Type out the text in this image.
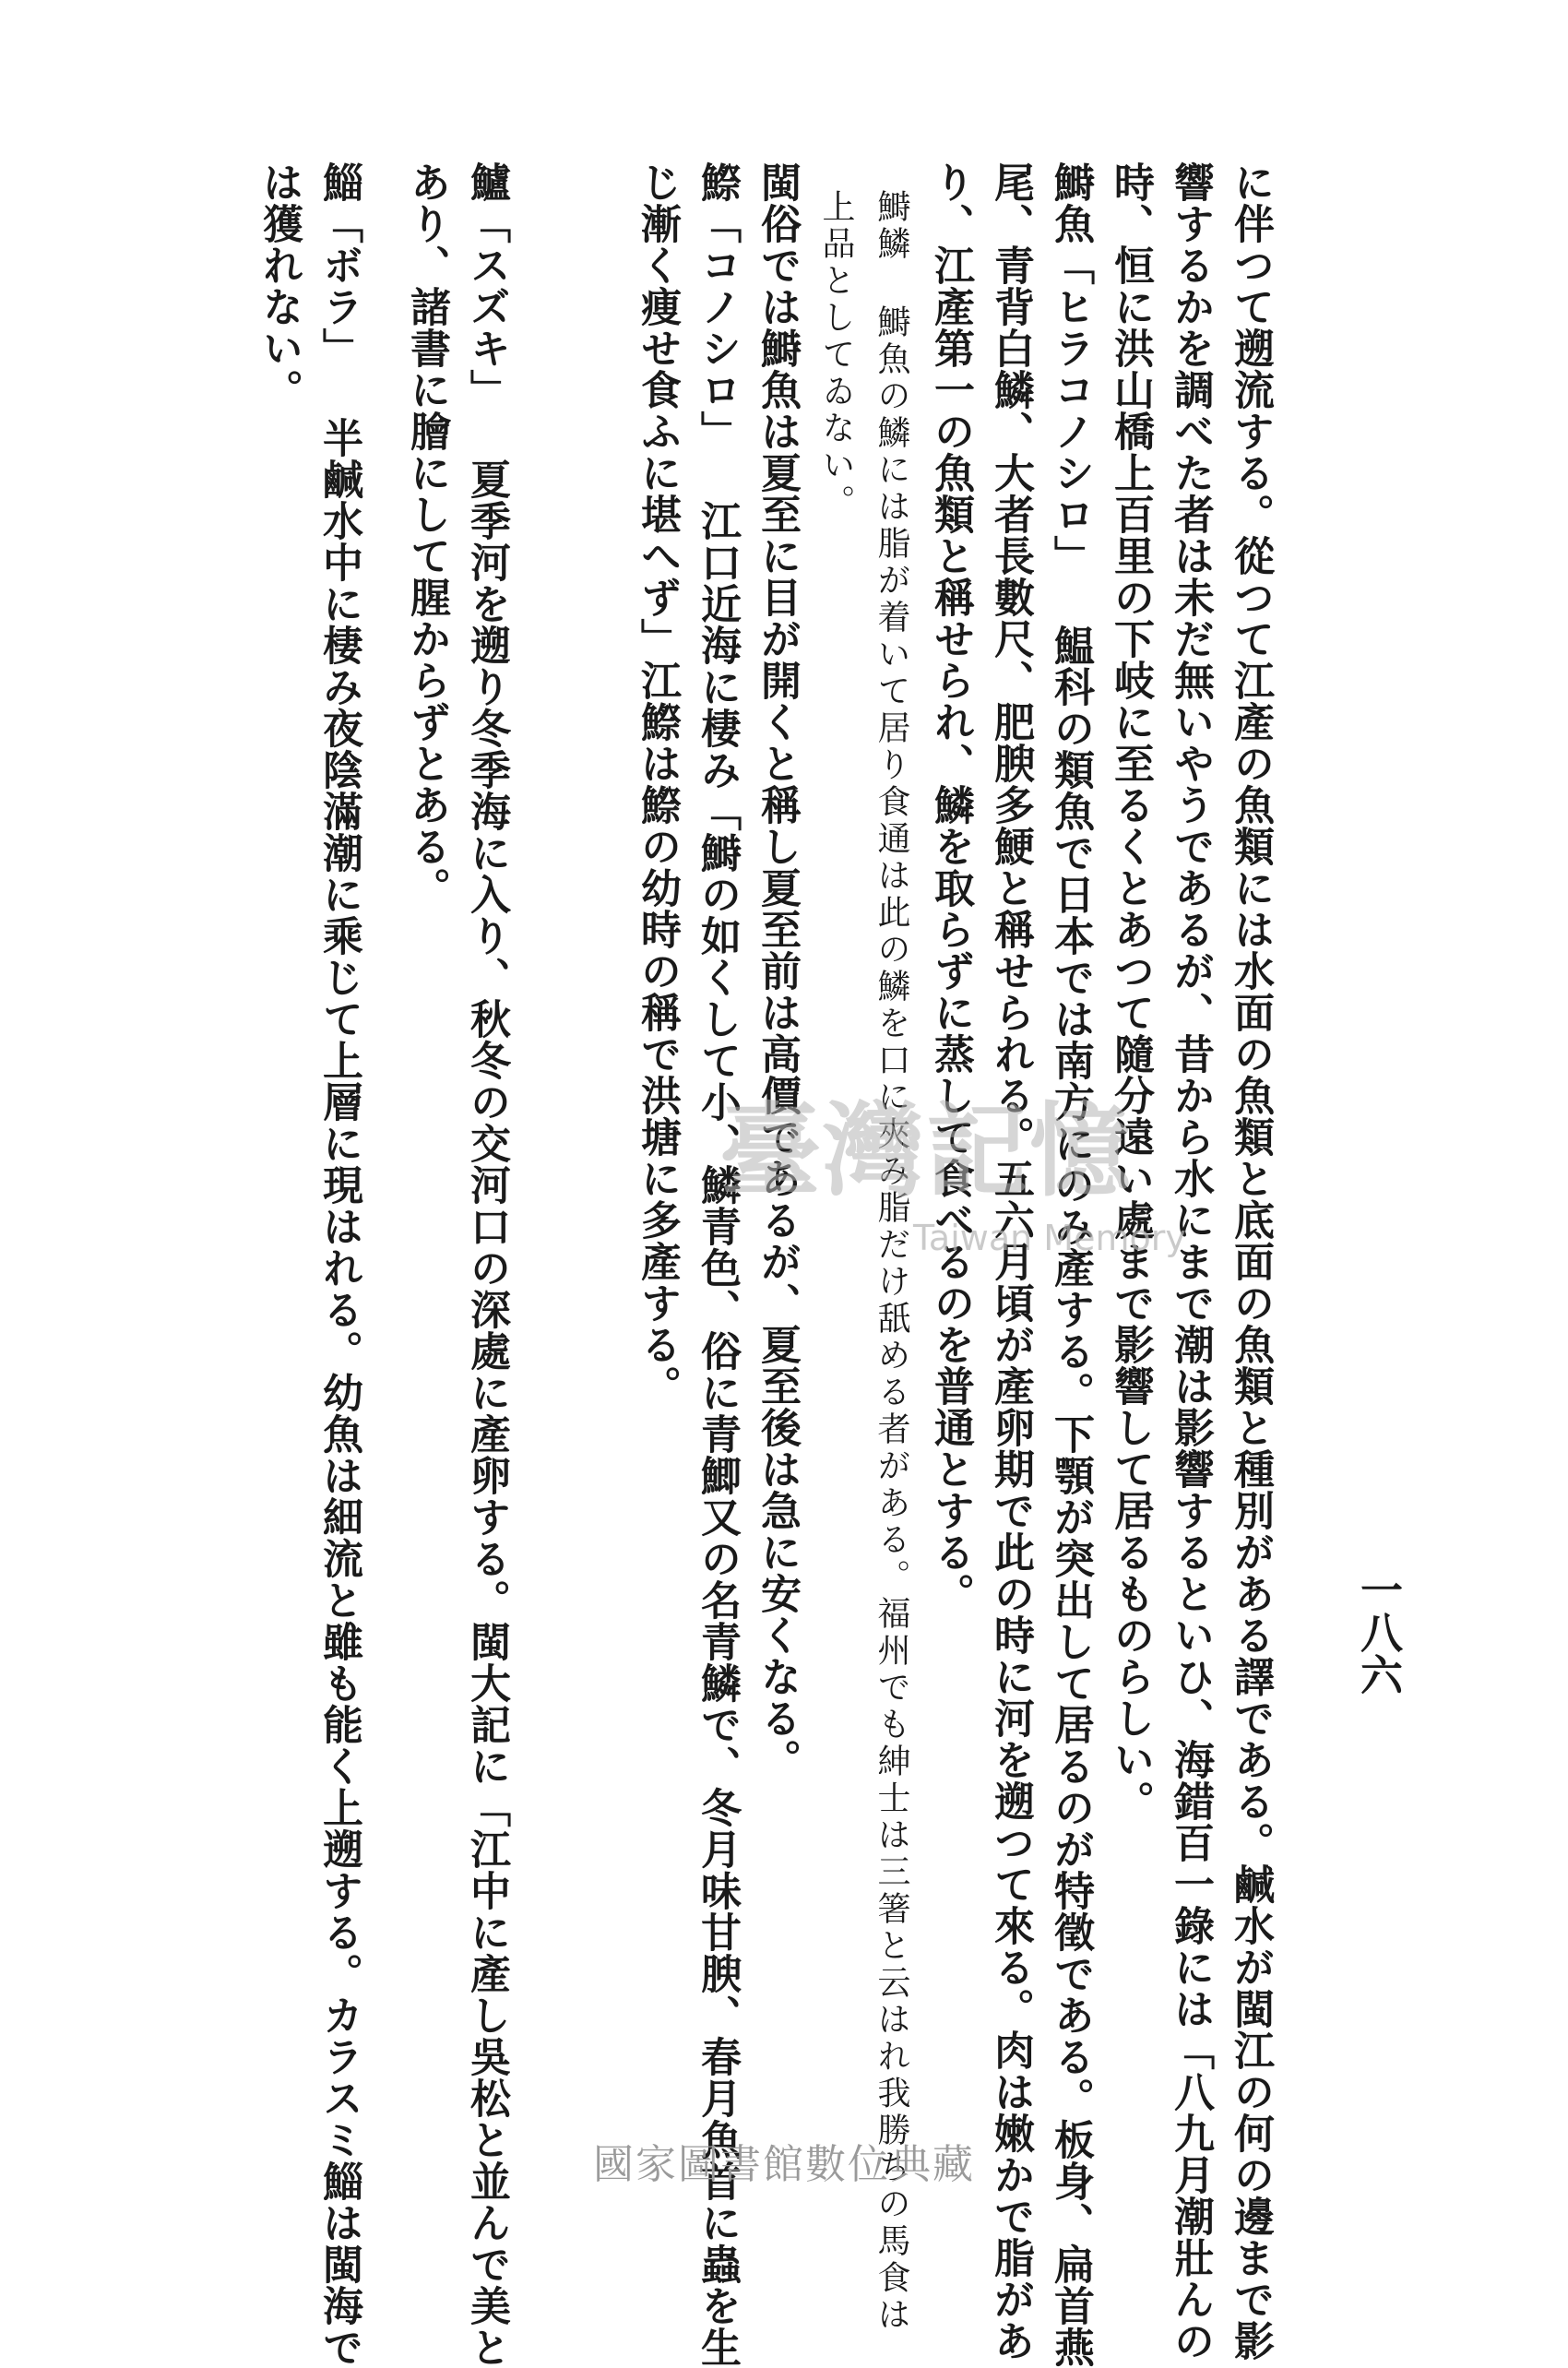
一八六
に伴つて遡流する。從つて江產の魚類には水面の魚類と底面の魚類と種別がある譯である。鹹水が閩江の何の邊まで影
響するかを調べた者は未だ無いやうであるが、昔から水にまで潮は影響するといひ、海錯百一錄には「八九月潮壯んの
時、恒に洪山橋上百里の下岐に至るくとあつて隨分遠い處まで影響して居るものらしい。
鰣魚「ヒラコノシロ」 鰛科の類魚で日本では南方にのみ產する。下顎が突出して居るのが特徵である。板身、扁首燕
尾、青背白鱗、大者長數尺、肥腴多鯁と稱せられる。五六月頃が產卵期で此の時に河を遡つて來る。肉は嫩かで脂があ
り、江產第一の魚類と稱せられ、鱗を取らずに蒸して食べるのを普通とする。
鰣鱗 鰣魚の鱗には脂が着いて居り食通は此の鱗を口に夾み脂だけ舐める者がある。福州でも紳士は三箸と云はれ我勝ちの馬食は
上品としてゐない。
閩俗では鰣魚は夏至に目が開くと稱し夏至前は高價であるが、夏至後は急に安くなる。
鰶「コノシロ」 江口近海に棲み「鰣の如くして小、鱗青色、俗に青鯽又の名青鱗で、冬月味甘腴、春月魚首に蟲を生
じ漸く痩せ食ふに堪へず」江鰶は鰶の幼時の稱で洪塘に多產する。
鱸「スズキ」 夏季河を遡り冬季海に入り、秋冬の交河口の深處に產卵する。閩大記に「江中に產し吳松と並んで美と
あり、諸書に膾にして腥からずとある。
鯔「ボラ」 半鹹水中に棲み夜陰滿潮に乘じて上層に現はれる。幼魚は細流と雖も能く上遡する。カラスミ鯔は閩海で
は獲れない。
臺灣記憶
Taiwan Memory
國家圖書館數位典藏
